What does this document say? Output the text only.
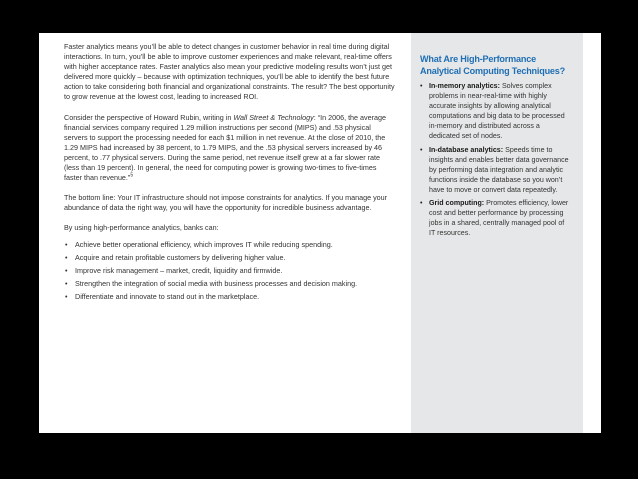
Faster analytics means you’ll be able to detect changes in customer behavior in real time during digital interactions. In turn, you’ll be able to improve customer experiences and make relevant, real-time offers with higher acceptance rates. Faster analytics also mean your predictive modeling results won’t just get delivered more quickly – because with optimization techniques, you’ll be able to identify the best future action to take considering both financial and organizational constraints. The result? The best opportunity to grow revenue at the lowest cost, leading to increased ROI.

Consider the perspective of Howard Rubin, writing in Wall Street & Technology: “In 2006, the average financial services company required 1.29 million instructions per second (MIPS) and .53 physical servers to support the processing needed for each $1 million in net revenue. At the close of 2010, the 1.29 MIPS had increased by 38 percent, to 1.79 MIPS, and the .53 physical servers increased by 46 percent, to .77 physical servers. During the same period, net revenue itself grew at a far slower rate (less than 19 percent). In general, the need for computing power is growing two-times to five-times faster than revenue.”$^5$

The bottom line: Your IT infrastructure should not impose constraints for analytics. If you manage your abundance of data the right way, you will have the opportunity for incredible business advantage.

By using high-performance analytics, banks can:

• Achieve better operational efficiency, which improves IT while reducing spending.
• Acquire and retain profitable customers by delivering higher value.
• Improve risk management – market, credit, liquidity and firmwide.
• Strengthen the integration of social media with business processes and decision making.
• Differentiate and innovate to stand out in the marketplace.
What Are High-Performance Analytical Computing Techniques?
• In-memory analytics: Solves complex problems in near-real-time with highly accurate insights by allowing analytical computations and big data to be processed in-memory and distributed across a dedicated set of nodes.
• In-database analytics: Speeds time to insights and enables better data governance by performing data integration and analytic functions inside the database so you won’t have to move or convert data repeatedly.
• Grid computing: Promotes efficiency, lower cost and better performance by processing jobs in a shared, centrally managed pool of IT resources.
